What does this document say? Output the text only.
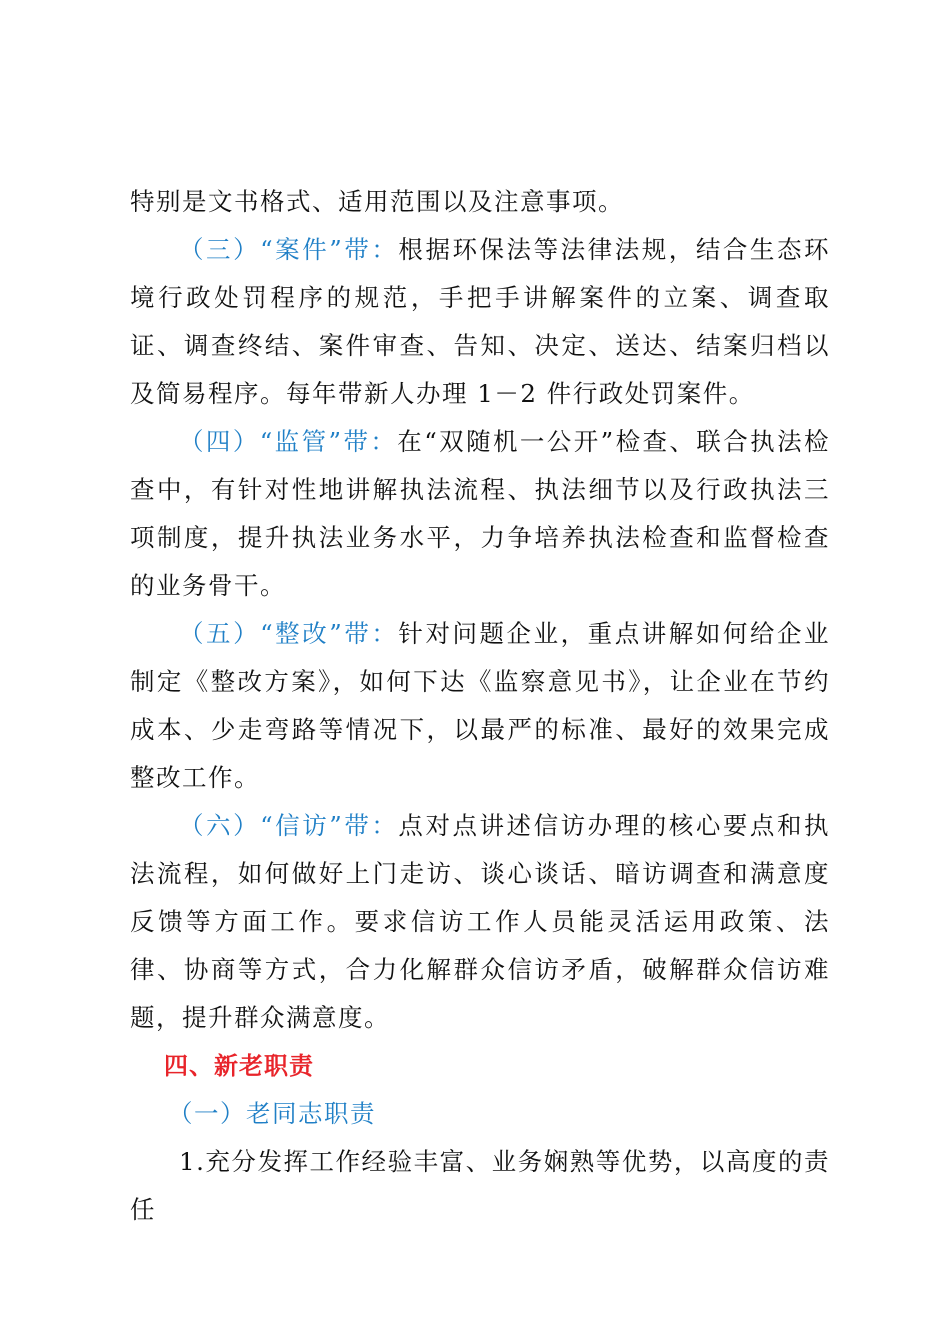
特别是文书格式、适用范围以及注意事项。

（三）“案件”带：根据环保法等法律法规，结合生态环境行政处罚程序的规范，手把手讲解案件的立案、调查取证、调查终结、案件审查、告知、决定、送达、结案归档以及简易程序。每年带新人办理 1－2 件行政处罚案件。

（四）“监管”带：在“双随机一公开”检查、联合执法检查中，有针对性地讲解执法流程、执法细节以及行政执法三项制度，提升执法业务水平，力争培养执法检查和监督检查的业务骨干。

（五）“整改”带：针对问题企业，重点讲解如何给企业制定《整改方案》，如何下达《监察意见书》，让企业在节约成本、少走弯路等情况下，以最严的标准、最好的效果完成整改工作。

（六）“信访”带：点对点讲述信访办理的核心要点和执法流程，如何做好上门走访、谈心谈话、暗访调查和满意度反馈等方面工作。要求信访工作人员能灵活运用政策、法律、协商等方式，合力化解群众信访矛盾，破解群众信访难题，提升群众满意度。

四、新老职责

（一）老同志职责

1.充分发挥工作经验丰富、业务娴熟等优势，以高度的责任
